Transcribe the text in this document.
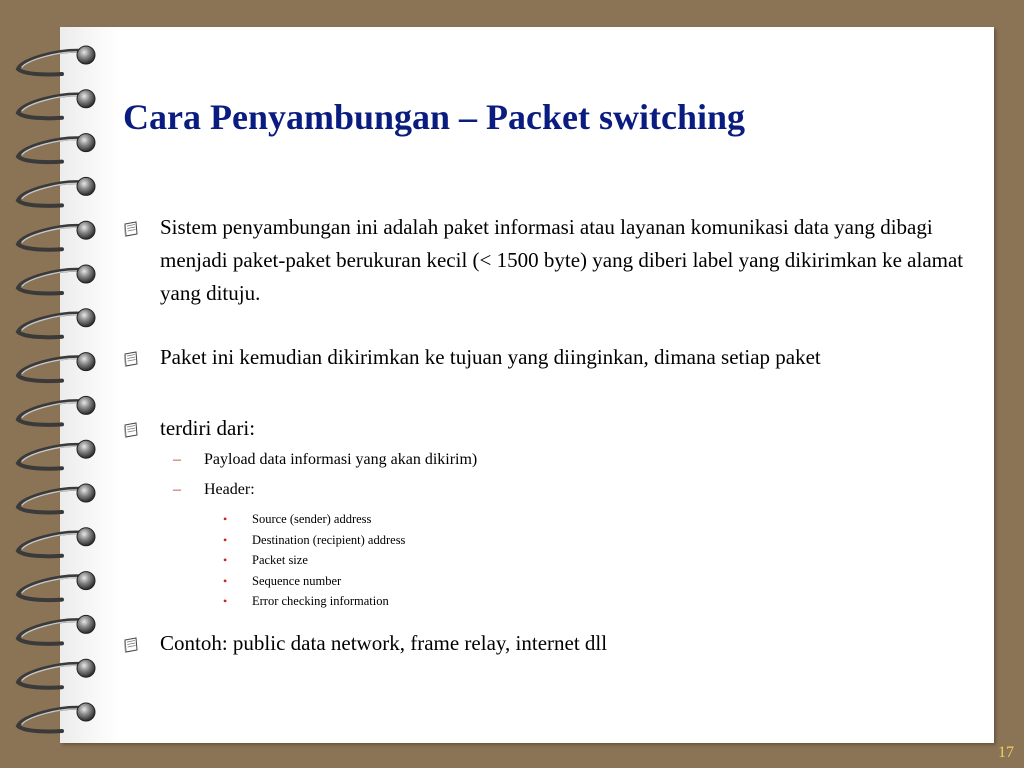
Cara Penyambungan – Packet switching
Sistem penyambungan ini adalah paket informasi atau layanan komunikasi data yang dibagi menjadi paket-paket berukuran kecil (< 1500 byte) yang diberi label yang dikirimkan ke alamat yang dituju.
Paket ini kemudian dikirimkan ke tujuan yang diinginkan, dimana setiap paket
terdiri dari:
– Payload data informasi yang akan dikirim)
– Header:
• Source (sender) address
• Destination (recipient) address
• Packet size
• Sequence number
• Error checking information
Contoh: public data network, frame relay, internet dll
17
